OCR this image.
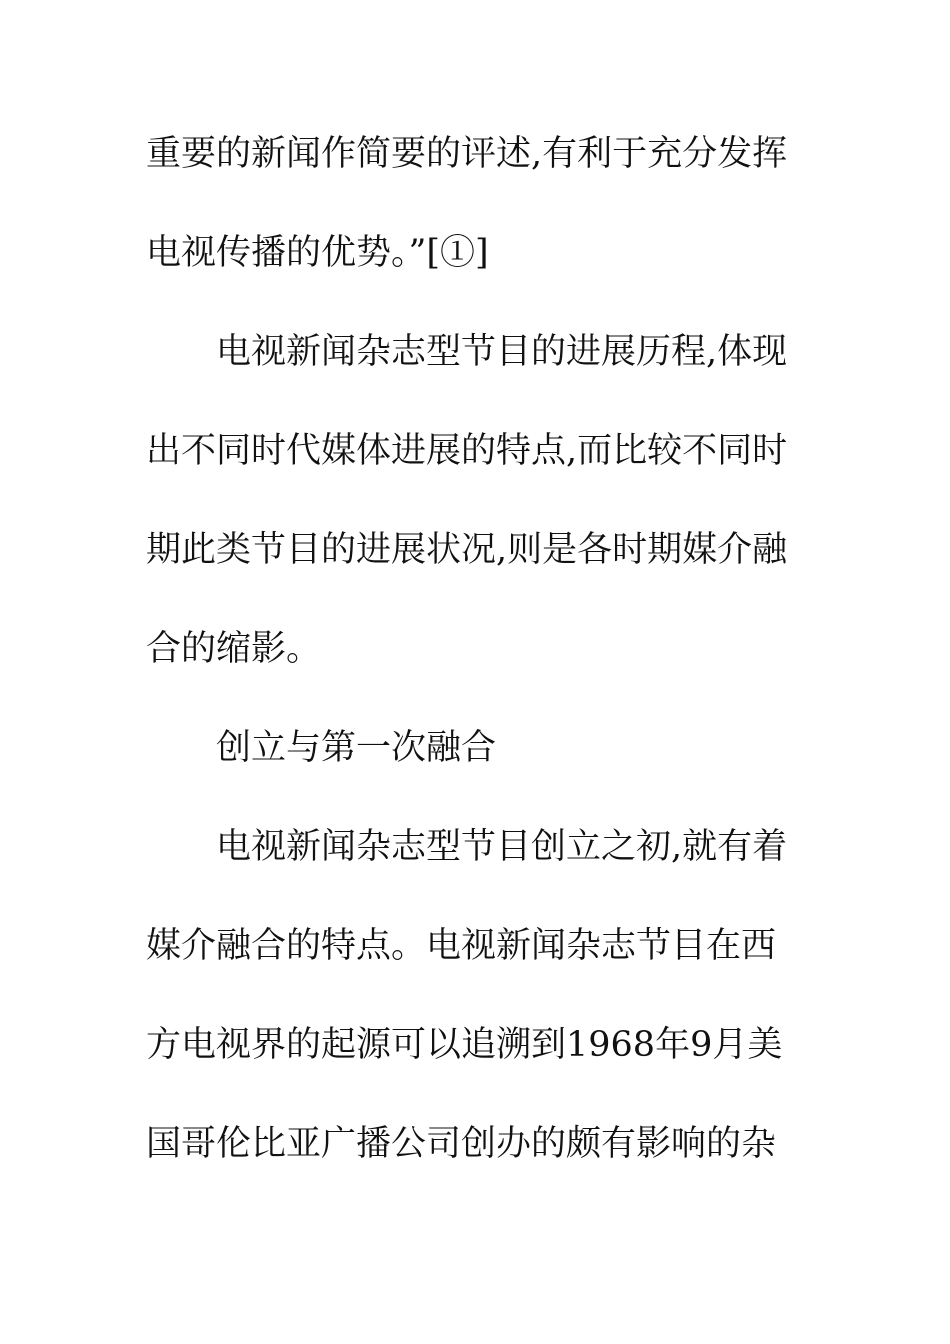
重要的新闻作简要的评述,有利于充分发挥
电视传播的优势。”[①]
电视新闻杂志型节目的进展历程,体现
出不同时代媒体进展的特点,而比较不同时
期此类节目的进展状况,则是各时期媒介融
合的缩影。
创立与第一次融合
电视新闻杂志型节目创立之初,就有着
媒介融合的特点。电视新闻杂志节目在西
方电视界的起源可以追溯到1968年9月美
国哥伦比亚广播公司创办的颇有影响的杂
